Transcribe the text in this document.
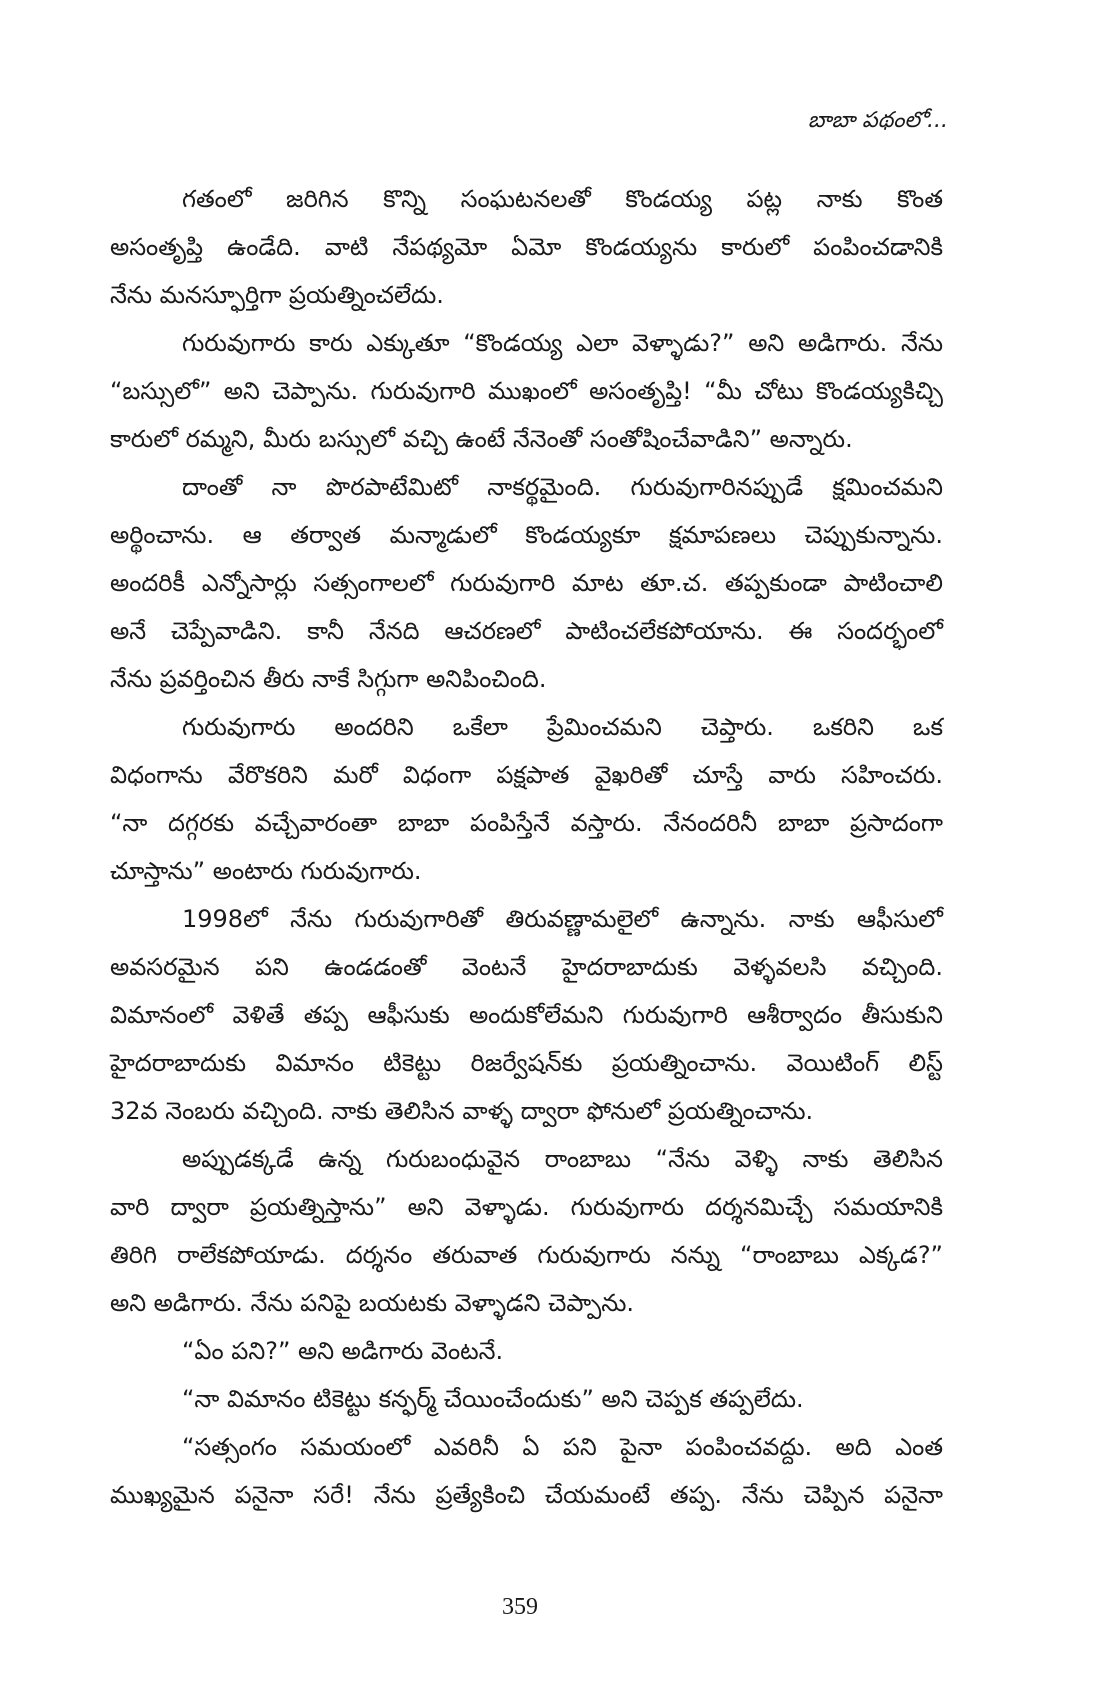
బాబా పథంలో...
గతంలో జరిగిన కొన్ని సంఘటనలతో కొండయ్య పట్ల నాకు కొంత
అసంతృప్తి ఉండేది. వాటి నేపథ్యమో ఏమో కొండయ్యను కారులో పంపించడానికి
నేను మనస్ఫూర్తిగా ప్రయత్నించలేదు.
గురువుగారు కారు ఎక్కుతూ “కొండయ్య ఎలా వెళ్ళాడు?” అని అడిగారు. నేను
“బస్సులో” అని చెప్పాను. గురువుగారి ముఖంలో అసంతృప్తి! “మీ చోటు కొండయ్యకిచ్చి
కారులో రమ్మని, మీరు బస్సులో వచ్చి ఉంటే నేనెంతో సంతోషించేవాడిని” అన్నారు.
దాంతో నా పొరపాటేమిటో నాకర్థమైంది. గురువుగారినప్పుడే క్షమించమని
అర్థించాను. ఆ తర్వాత మన్మాడులో కొండయ్యకూ క్షమాపణలు చెప్పుకున్నాను.
అందరికీ ఎన్నోసార్లు సత్సంగాలలో గురువుగారి మాట తూ.చ. తప్పకుండా పాటించాలి
అనే చెప్పేవాడిని. కానీ నేనది ఆచరణలో పాటించలేకపోయాను. ఈ సందర్భంలో
నేను ప్రవర్తించిన తీరు నాకే సిగ్గుగా అనిపించింది.
గురువుగారు అందరిని ఒకేలా ప్రేమించమని చెప్తారు. ఒకరిని ఒక
విధంగాను వేరొకరిని మరో విధంగా పక్షపాత వైఖరితో చూస్తే వారు సహించరు.
“నా దగ్గరకు వచ్చేవారంతా బాబా పంపిస్తేనే వస్తారు. నేనందరినీ బాబా ప్రసాదంగా
చూస్తాను” అంటారు గురువుగారు.
1998లో నేను గురువుగారితో తిరువణ్ణామలైలో ఉన్నాను. నాకు ఆఫీసులో
అవసరమైన పని ఉండడంతో వెంటనే హైదరాబాదుకు వెళ్ళవలసి వచ్చింది.
విమానంలో వెళితే తప్ప ఆఫీసుకు అందుకోలేమని గురువుగారి ఆశీర్వాదం తీసుకుని
హైదరాబాదుకు విమానం టికెట్టు రిజర్వేషన్‌కు ప్రయత్నించాను. వెయిటింగ్ లిస్ట్
32వ నెంబరు వచ్చింది. నాకు తెలిసిన వాళ్ళ ద్వారా ఫోనులో ప్రయత్నించాను.
అప్పుడక్కడే ఉన్న గురుబంధువైన రాంబాబు “నేను వెళ్ళి నాకు తెలిసిన
వారి ద్వారా ప్రయత్నిస్తాను” అని వెళ్ళాడు. గురువుగారు దర్శనమిచ్చే సమయానికి
తిరిగి రాలేకపోయాడు. దర్శనం తరువాత గురువుగారు నన్ను “రాంబాబు ఎక్కడ?”
అని అడిగారు. నేను పనిపై బయటకు వెళ్ళాడని చెప్పాను.
“ఏం పని?” అని అడిగారు వెంటనే.
“నా విమానం టికెట్టు కన్ఫర్మ్ చేయించేందుకు” అని చెప్పక తప్పలేదు.
“సత్సంగం సమయంలో ఎవరినీ ఏ పని పైనా పంపించవద్దు. అది ఎంత
ముఖ్యమైన పనైనా సరే! నేను ప్రత్యేకించి చేయమంటే తప్ప. నేను చెప్పిన పనైనా
359
